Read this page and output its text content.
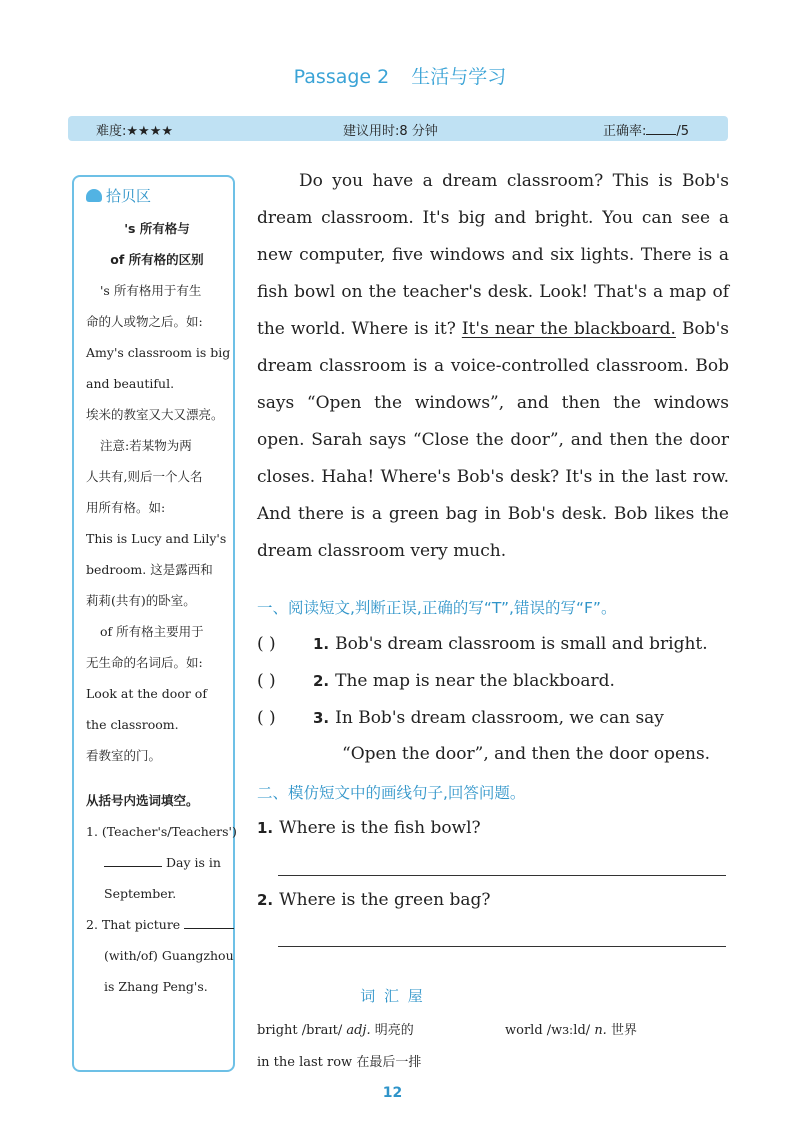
Passage 2 生活与学习
难度:★★★★	建议用时:8 分钟	正确率: /5
拾贝区
's 所有格与
of 所有格的区别
's 所有格用于有生
命的人或物之后。如:
Amy's classroom is big
and beautiful.
埃米的教室又大又漂亮。
注意:若某物为两
人共有,则后一个人名
用所有格。如:
This is Lucy and Lily's
bedroom. 这是露西和
莉莉(共有)的卧室。
of 所有格主要用于
无生命的名词后。如:
Look at the door of
the classroom.
看教室的门。
从括号内选词填空。
1. (Teacher's/Teachers')
Day is in
September.
2. That picture
(with/of) Guangzhou
is Zhang Peng's.

Do you have a dream classroom? This is Bob's dream classroom. It's big and bright. You can see a new computer, five windows and six lights. There is a fish bowl on the teacher's desk. Look! That's a map of the world. Where is it? It's near the blackboard. Bob's dream classroom is a voice-controlled classroom. Bob says “Open the windows”, and then the windows open. Sarah says “Close the door”, and then the door closes. Haha! Where's Bob's desk? It's in the last row. And there is a green bag in Bob's desk. Bob likes the dream classroom very much.

一、阅读短文,判断正误,正确的写“T”,错误的写“F”。
( ) 1. Bob's dream classroom is small and bright.
( ) 2. The map is near the blackboard.
( ) 3. In Bob's dream classroom, we can say
“Open the door”, and then the door opens.
二、模仿短文中的画线句子,回答问题。
1. Where is the fish bowl?
2. Where is the green bag?
词 汇 屋
bright /braɪt/ adj. 明亮的	world /wɜːld/ n. 世界
in the last row 在最后一排
12
